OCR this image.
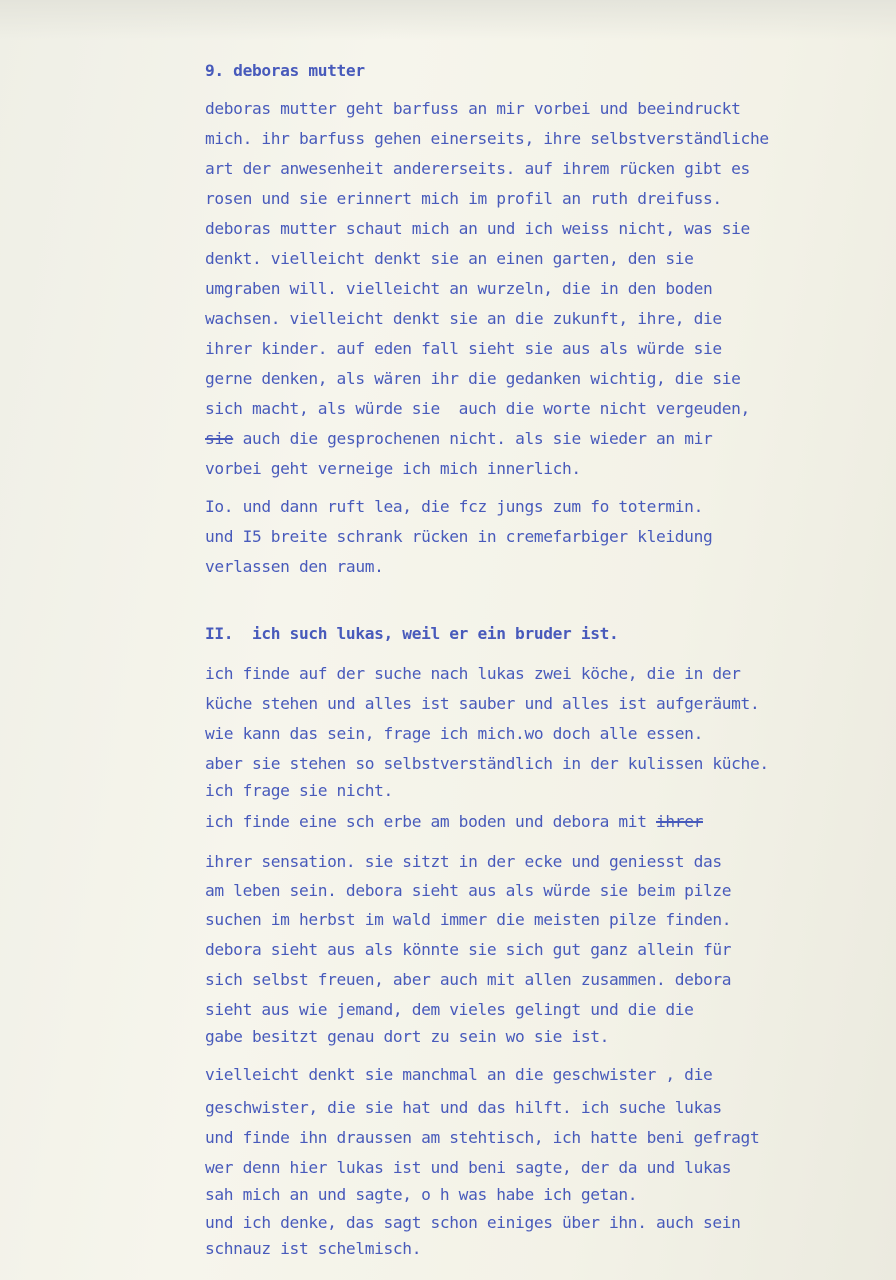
9. deboras mutter

deboras mutter geht barfuss an mir vorbei und beeindruckt

mich. ihr barfuss gehen einerseits, ihre selbstverständliche

art der anwesenheit andererseits. auf ihrem rücken gibt es

rosen und sie erinnert mich im profil an ruth dreifuss.

deboras mutter schaut mich an und ich weiss nicht, was sie

denkt. vielleicht denkt sie an einen garten, den sie

umgraben will. vielleicht an wurzeln, die in den boden

wachsen. vielleicht denkt sie an die zukunft, ihre, die

ihrer kinder. auf eden fall sieht sie aus als würde sie

gerne denken, als wären ihr die gedanken wichtig, die sie

sich macht, als würde sie  auch die worte nicht vergeuden,

sie auch die gesprochenen nicht. als sie wieder an mir

vorbei geht verneige ich mich innerlich.

Io. und dann ruft lea, die fcz jungs zum fo totermin.

und I5 breite schrank rücken in cremefarbiger kleidung

verlassen den raum.

II.  ich such lukas, weil er ein bruder ist.

ich finde auf der suche nach lukas zwei köche, die in der

küche stehen und alles ist sauber und alles ist aufgeräumt.

wie kann das sein, frage ich mich.wo doch alle essen.

aber sie stehen so selbstverständlich in der kulissen küche.

ich frage sie nicht.

ich finde eine sch erbe am boden und debora mit ihrer

ihrer sensation. sie sitzt in der ecke und geniesst das

am leben sein. debora sieht aus als würde sie beim pilze

suchen im herbst im wald immer die meisten pilze finden.

debora sieht aus als könnte sie sich gut ganz allein für

sich selbst freuen, aber auch mit allen zusammen. debora

sieht aus wie jemand, dem vieles gelingt und die die

gabe besitzt genau dort zu sein wo sie ist.

vielleicht denkt sie manchmal an die geschwister , die

geschwister, die sie hat und das hilft. ich suche lukas

und finde ihn draussen am stehtisch, ich hatte beni gefragt

wer denn hier lukas ist und beni sagte, der da und lukas

sah mich an und sagte, o h was habe ich getan.

und ich denke, das sagt schon einiges über ihn. auch sein

schnauz ist schelmisch.
